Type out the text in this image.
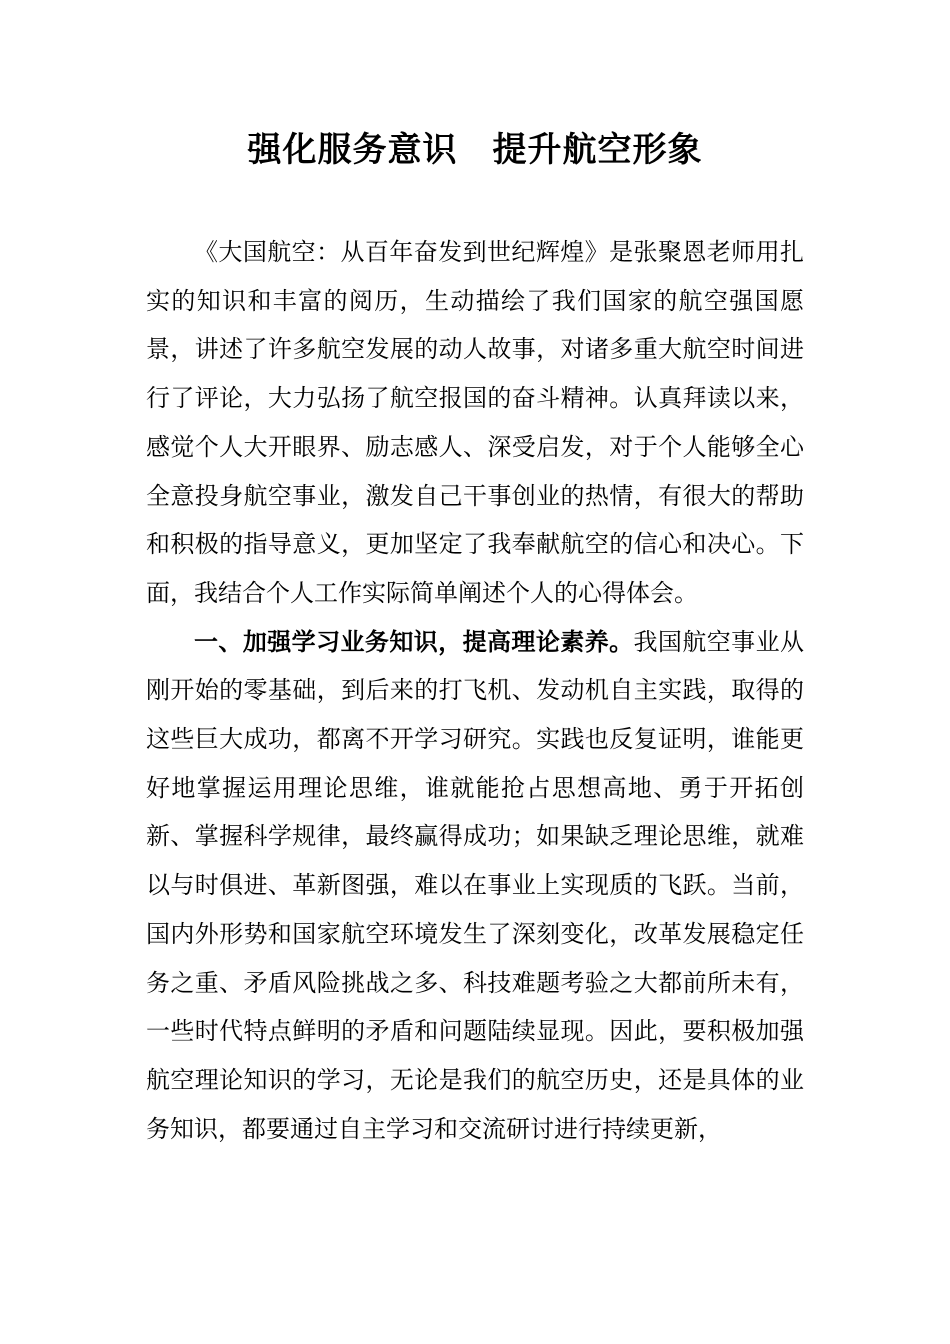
强化服务意识　提升航空形象

《大国航空：从百年奋发到世纪辉煌》是张聚恩老师用扎实的知识和丰富的阅历，生动描绘了我们国家的航空强国愿景，讲述了许多航空发展的动人故事，对诸多重大航空时间进行了评论，大力弘扬了航空报国的奋斗精神。认真拜读以来，感觉个人大开眼界、励志感人、深受启发，对于个人能够全心全意投身航空事业，激发自己干事创业的热情，有很大的帮助和积极的指导意义，更加坚定了我奉献航空的信心和决心。下面，我结合个人工作实际简单阐述个人的心得体会。

一、加强学习业务知识，提高理论素养。我国航空事业从刚开始的零基础，到后来的打飞机、发动机自主实践，取得的这些巨大成功，都离不开学习研究。实践也反复证明，谁能更好地掌握运用理论思维，谁就能抢占思想高地、勇于开拓创新、掌握科学规律，最终赢得成功；如果缺乏理论思维，就难以与时俱进、革新图强，难以在事业上实现质的飞跃。当前，国内外形势和国家航空环境发生了深刻变化，改革发展稳定任务之重、矛盾风险挑战之多、科技难题考验之大都前所未有，一些时代特点鲜明的矛盾和问题陆续显现。因此，要积极加强航空理论知识的学习，无论是我们的航空历史，还是具体的业务知识，都要通过自主学习和交流研讨进行持续更新，
